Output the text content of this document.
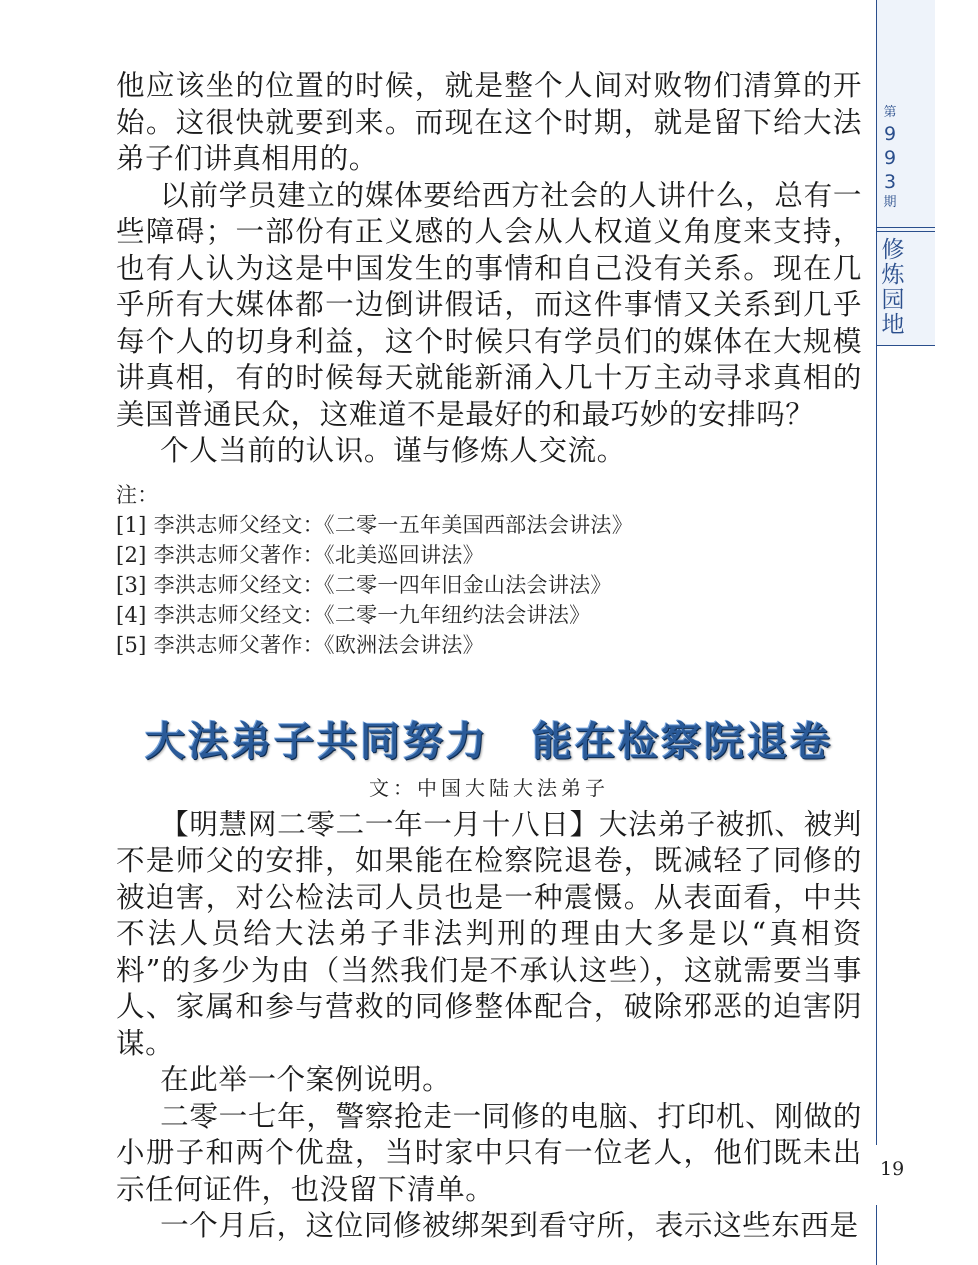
第
9
9
3
期
修
炼
园
地
19

他应该坐的位置的时候，就是整个人间对败物们清算的开始。这很快就要到来。而现在这个时期，就是留下给大法弟子们讲真相用的。

以前学员建立的媒体要给西方社会的人讲什么，总有一些障碍；一部份有正义感的人会从人权道义角度来支持，也有人认为这是中国发生的事情和自己没有关系。现在几乎所有大媒体都一边倒讲假话，而这件事情又关系到几乎每个人的切身利益，这个时候只有学员们的媒体在大规模讲真相，有的时候每天就能新涌入几十万主动寻求真相的美国普通民众，这难道不是最好的和最巧妙的安排吗？

个人当前的认识。谨与修炼人交流。

注：

[1] 李洪志师父经文：《二零一五年美国西部法会讲法》

[2] 李洪志师父著作：《北美巡回讲法》

[3] 李洪志师父经文：《二零一四年旧金山法会讲法》

[4] 李洪志师父经文：《二零一九年纽约法会讲法》

[5] 李洪志师父著作：《欧洲法会讲法》

大法弟子共同努力　能在检察院退卷
文：中国大陆大法弟子

【明慧网二零二一年一月十八日】大法弟子被抓、被判不是师父的安排，如果能在检察院退卷，既减轻了同修的被迫害，对公检法司人员也是一种震慑。从表面看，中共不法人员给大法弟子非法判刑的理由大多是以“真相资料”的多少为由（当然我们是不承认这些），这就需要当事人、家属和参与营救的同修整体配合，破除邪恶的迫害阴谋。

在此举一个案例说明。

二零一七年，警察抢走一同修的电脑、打印机、刚做的小册子和两个优盘，当时家中只有一位老人，他们既未出示任何证件，也没留下清单。

一个月后，这位同修被绑架到看守所，表示这些东西是
